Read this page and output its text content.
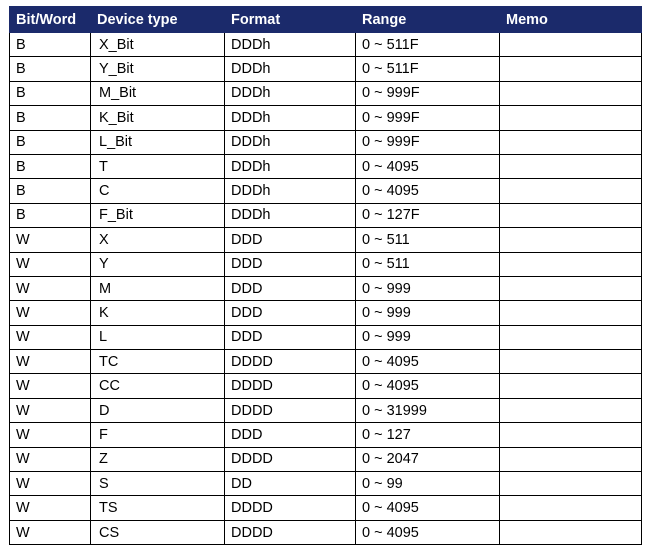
Bit/Word	Device type	Format	Range	Memo
B	X_Bit	DDDh	0 ~ 511F	
B	Y_Bit	DDDh	0 ~ 511F	
B	M_Bit	DDDh	0 ~ 999F	
B	K_Bit	DDDh	0 ~ 999F	
B	L_Bit	DDDh	0 ~ 999F	
B	T	DDDh	0 ~ 4095	
B	C	DDDh	0 ~ 4095	
B	F_Bit	DDDh	0 ~ 127F	
W	X	DDD	0 ~ 511	
W	Y	DDD	0 ~ 511	
W	M	DDD	0 ~ 999	
W	K	DDD	0 ~ 999	
W	L	DDD	0 ~ 999	
W	TC	DDDD	0 ~ 4095	
W	CC	DDDD	0 ~ 4095	
W	D	DDDD	0 ~ 31999	
W	F	DDD	0 ~ 127	
W	Z	DDDD	0 ~ 2047	
W	S	DD	0 ~ 99	
W	TS	DDDD	0 ~ 4095	
W	CS	DDDD	0 ~ 4095	
